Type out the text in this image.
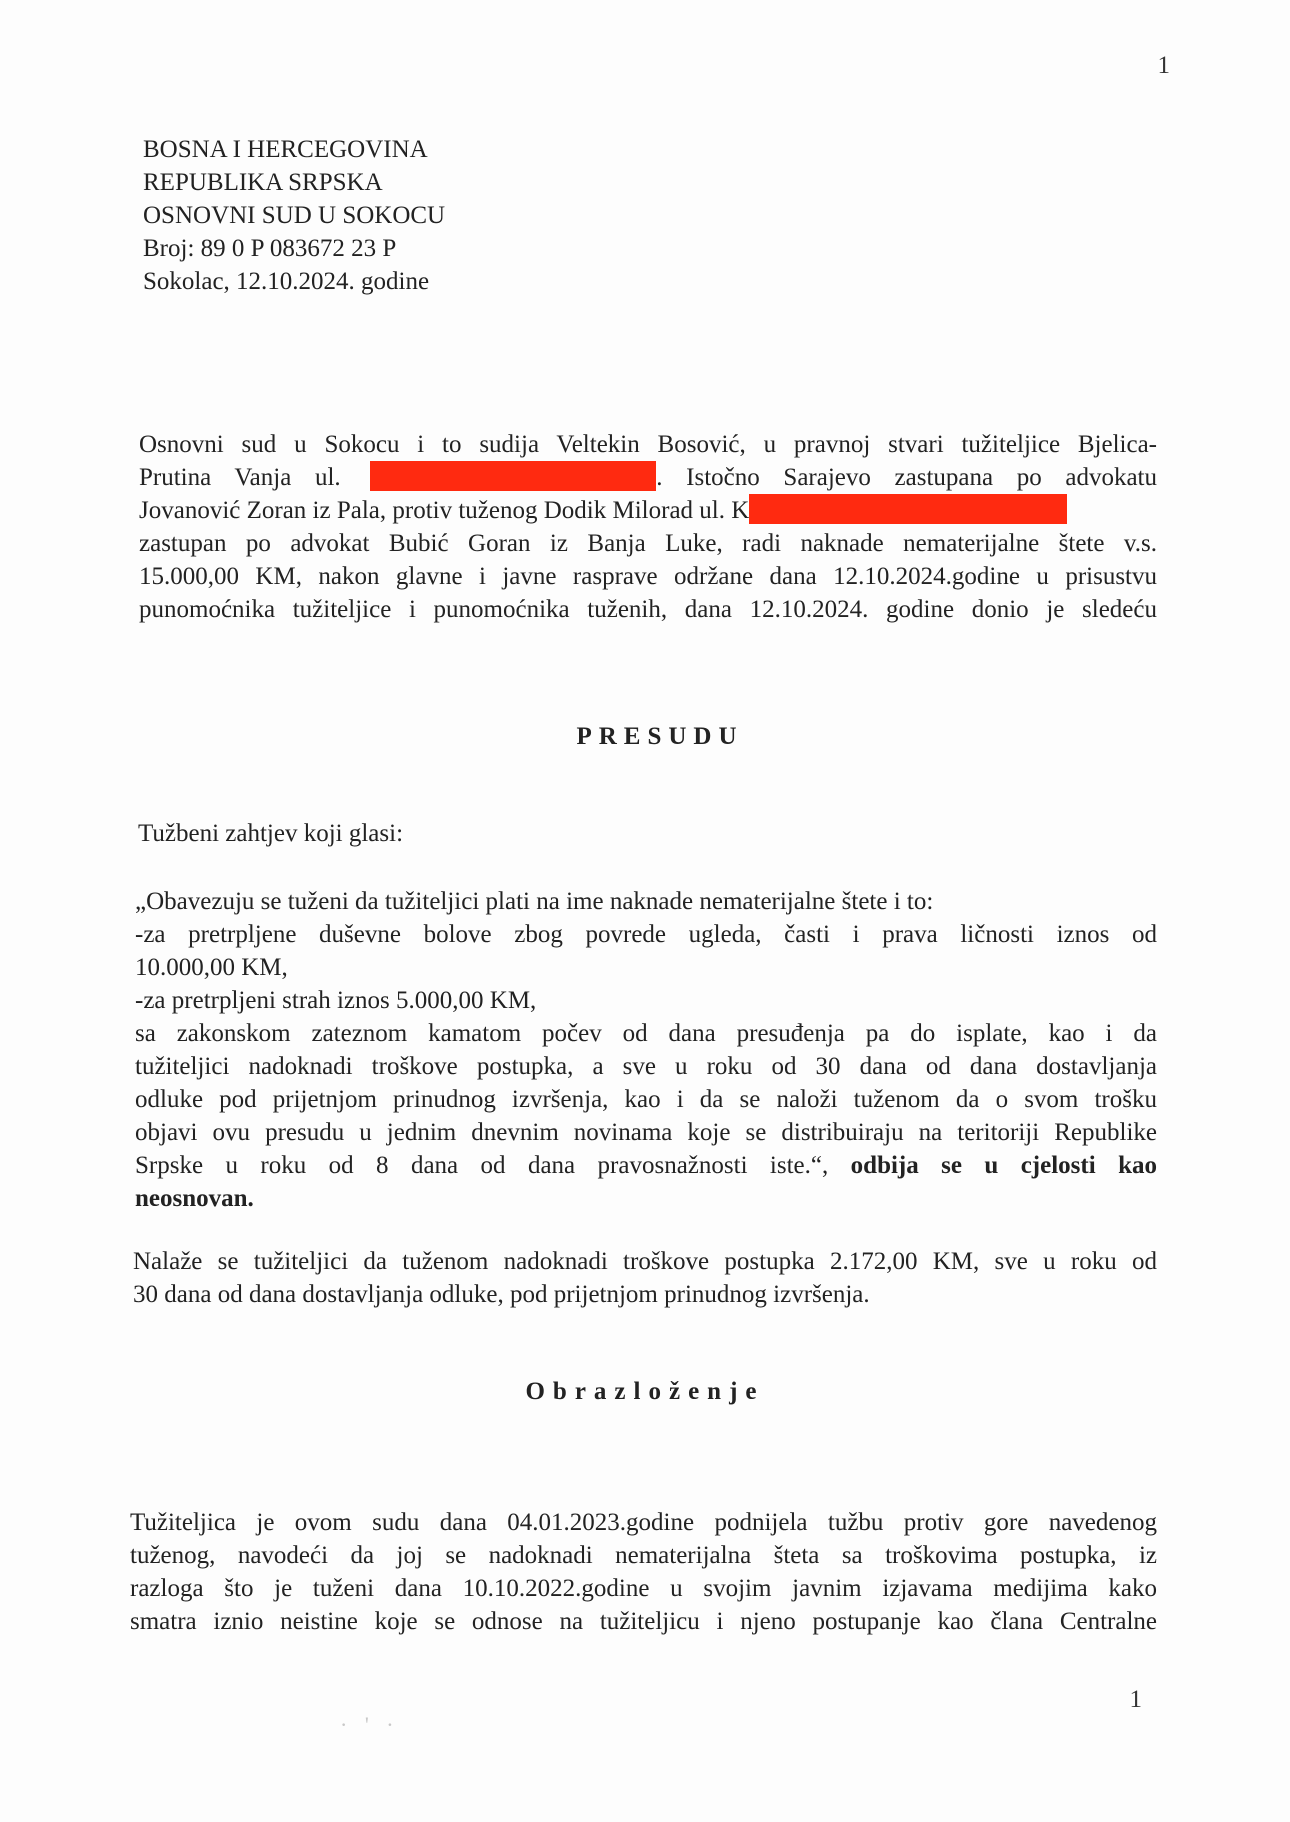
1
BOSNA I HERCEGOVINA
REPUBLIKA SRPSKA
OSNOVNI SUD U SOKOCU
Broj: 89 0 P 083672 23 P
Sokolac, 12.10.2024. godine
Osnovni sud u Sokocu i to sudija Veltekin Bosović, u pravnoj stvari tužiteljice Bjelica-
Prutina Vanja ul.	. Istočno Sarajevo zastupana po advokatu
Jovanović Zoran iz Pala, protiv tuženog Dodik Milorad ul. K
zastupan po advokat Bubić Goran iz Banja Luke, radi naknade nematerijalne štete v.s.
15.000,00 KM, nakon glavne i javne rasprave održane dana 12.10.2024.godine u prisustvu
punomoćnika tužiteljice i punomoćnika tuženih, dana 12.10.2024. godine donio je sledeću
PRESUDU
Tužbeni zahtjev koji glasi:
„Obavezuju se tuženi da tužiteljici plati na ime naknade nematerijalne štete i to:
-za pretrpljene duševne bolove zbog povrede ugleda, časti i prava ličnosti iznos od
10.000,00 KM,
-za pretrpljeni strah iznos 5.000,00 KM,
sa zakonskom zateznom kamatom počev od dana presuđenja pa do isplate, kao i da
tužiteljici nadoknadi troškove postupka, a sve u roku od 30 dana od dana dostavljanja
odluke pod prijetnjom prinudnog izvršenja, kao i da se naloži tuženom da o svom trošku
objavi ovu presudu u jednim dnevnim novinama koje se distribuiraju na teritoriji Republike
Srpske u roku od 8 dana od dana pravosnažnosti iste.“, odbija se u cjelosti kao
neosnovan.
Nalaže se tužiteljici da tuženom nadoknadi troškove postupka 2.172,00 KM, sve u roku od
30 dana od dana dostavljanja odluke, pod prijetnjom prinudnog izvršenja.
Obrazloženje
Tužiteljica je ovom sudu dana 04.01.2023.godine podnijela tužbu protiv gore navedenog
tuženog, navodeći da joj se nadoknadi nematerijalna šteta sa troškovima postupka, iz
razloga što je tuženi dana 10.10.2022.godine u svojim javnim izjavama medijima kako
smatra iznio neistine koje se odnose na tužiteljicu i njeno postupanje kao člana Centralne
1
· ' ·
